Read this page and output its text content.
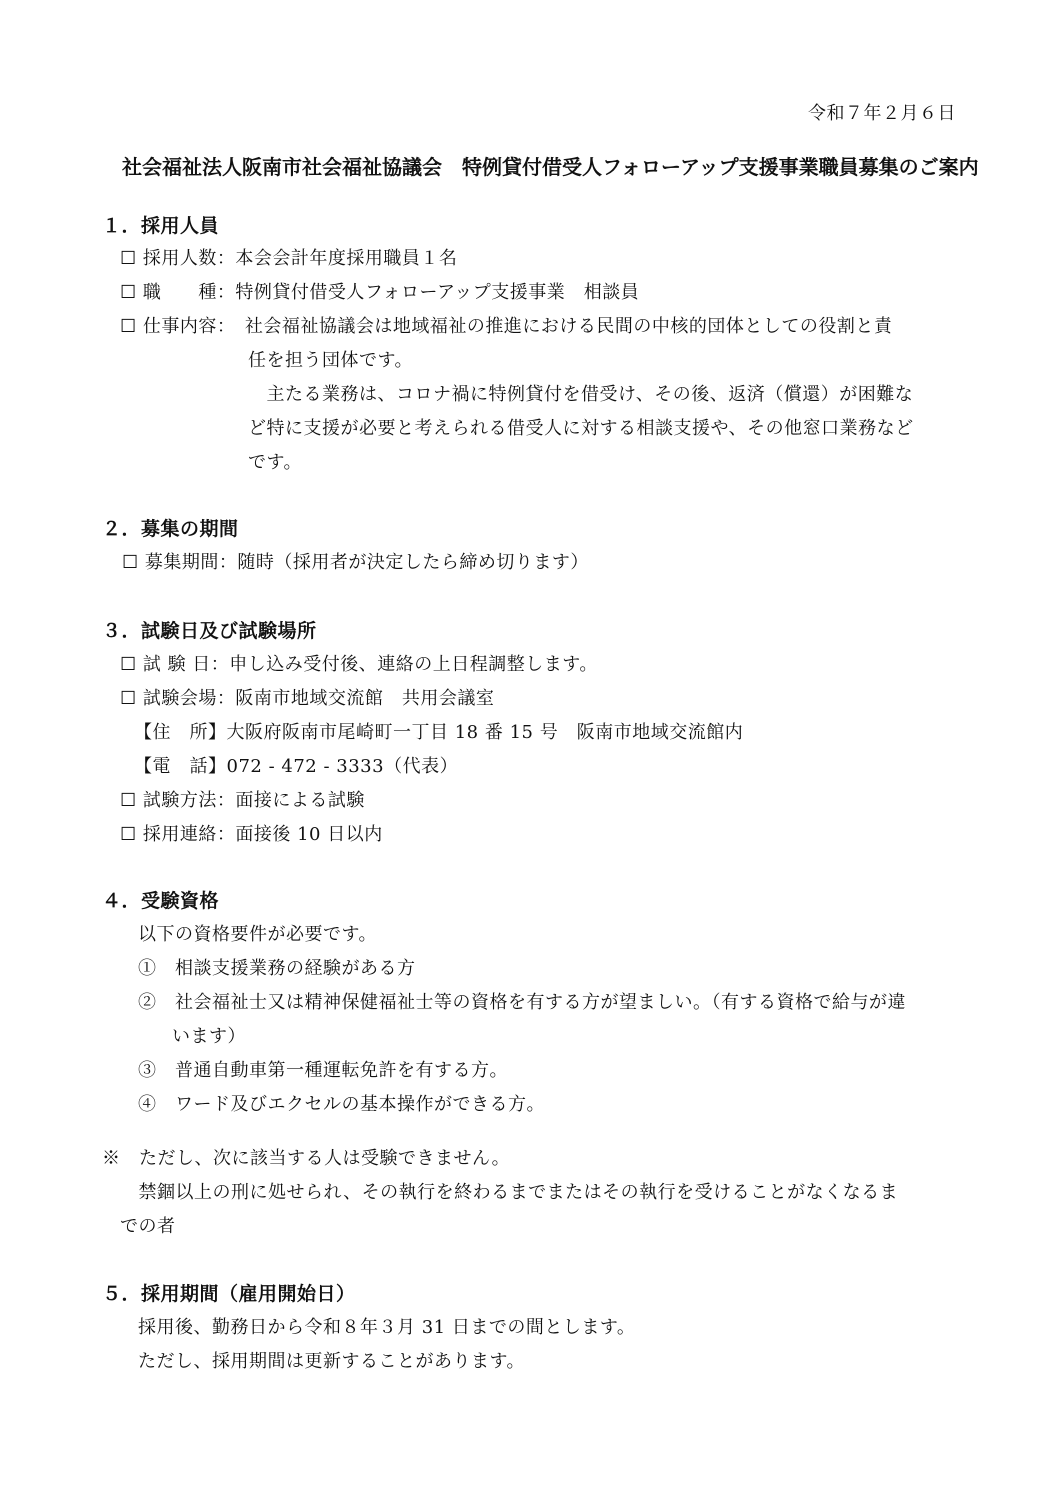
令和７年２月６日
社会福祉法人阪南市社会福祉協議会　特例貸付借受人フォローアップ支援事業職員募集のご案内
１．採用人員
☐ 採用人数：本会会計年度採用職員１名
☐ 職　　種：特例貸付借受人フォローアップ支援事業　相談員
☐ 仕事内容：　社会福祉協議会は地域福祉の推進における民間の中核的団体としての役割と責
任を担う団体です。
　主たる業務は、コロナ禍に特例貸付を借受け、その後、返済（償還）が困難な
ど特に支援が必要と考えられる借受人に対する相談支援や、その他窓口業務など
です。
２．募集の期間
☐ 募集期間：随時（採用者が決定したら締め切ります）
３．試験日及び試験場所
☐ 試 験 日：申し込み受付後、連絡の上日程調整します。
☐ 試験会場：阪南市地域交流館　共用会議室
【住　所】大阪府阪南市尾崎町一丁目 18 番 15 号　阪南市地域交流館内
【電　話】072 ‐ 472 ‐ 3333（代表）
☐ 試験方法：面接による試験
☐ 採用連絡：面接後 10 日以内
４．受験資格
以下の資格要件が必要です。
①　相談支援業務の経験がある方
②　社会福祉士又は精神保健福祉士等の資格を有する方が望ましい。（有する資格で給与が違
います）
③　普通自動車第一種運転免許を有する方。
④　ワード及びエクセルの基本操作ができる方。
※　ただし、次に該当する人は受験できません。
　禁錮以上の刑に処せられ、その執行を終わるまでまたはその執行を受けることがなくなるま
での者
５．採用期間（雇用開始日）
採用後、勤務日から令和８年３月 31 日までの間とします。
ただし、採用期間は更新することがあります。
